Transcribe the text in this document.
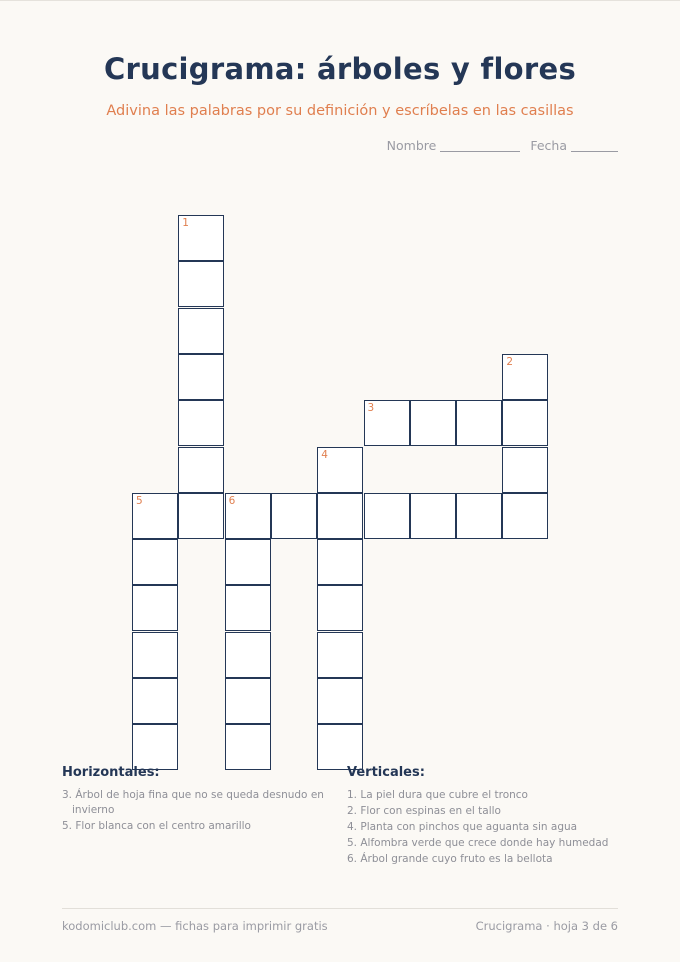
Crucigrama: árboles y flores
Adivina las palabras por su definición y escríbelas en las casillas
Nombre	Fecha
1
2
3
4
5	6
Horizontales:
3. Árbol de hoja fina que no se queda desnudo en invierno
5. Flor blanca con el centro amarillo
Verticales:
1. La piel dura que cubre el tronco
2. Flor con espinas en el tallo
4. Planta con pinchos que aguanta sin agua
5. Alfombra verde que crece donde hay humedad
6. Árbol grande cuyo fruto es la bellota
kodomiclub.com — fichas para imprimir gratis	Crucigrama · hoja 3 de 6
